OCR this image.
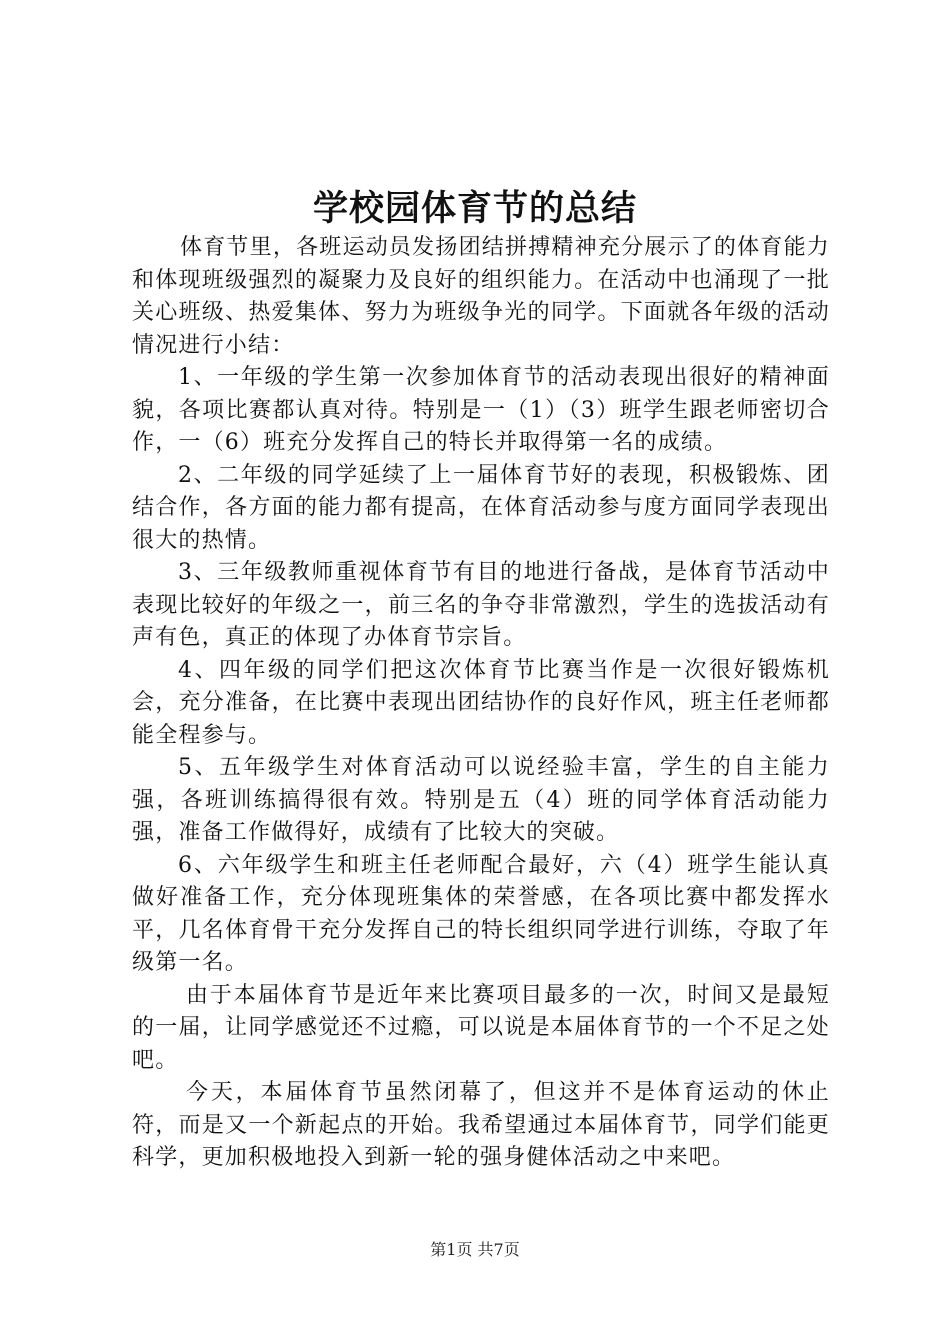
学校园体育节的总结

体育节里，各班运动员发扬团结拼搏精神充分展示了的体育能力和体现班级强烈的凝聚力及良好的组织能力。在活动中也涌现了一批关心班级、热爱集体、努力为班级争光的同学。下面就各年级的活动情况进行小结：

1、一年级的学生第一次参加体育节的活动表现出很好的精神面貌，各项比赛都认真对待。特别是一（1）（3）班学生跟老师密切合作，一（6）班充分发挥自己的特长并取得第一名的成绩。

2、二年级的同学延续了上一届体育节好的表现，积极锻炼、团结合作，各方面的能力都有提高，在体育活动参与度方面同学表现出很大的热情。

3、三年级教师重视体育节有目的地进行备战，是体育节活动中表现比较好的年级之一，前三名的争夺非常激烈，学生的选拔活动有声有色，真正的体现了办体育节宗旨。

4、四年级的同学们把这次体育节比赛当作是一次很好锻炼机会，充分准备，在比赛中表现出团结协作的良好作风，班主任老师都能全程参与。

5、五年级学生对体育活动可以说经验丰富，学生的自主能力强，各班训练搞得很有效。特别是五（4）班的同学体育活动能力强，准备工作做得好，成绩有了比较大的突破。

6、六年级学生和班主任老师配合最好，六（4）班学生能认真做好准备工作，充分体现班集体的荣誉感，在各项比赛中都发挥水平，几名体育骨干充分发挥自己的特长组织同学进行训练，夺取了年级第一名。

由于本届体育节是近年来比赛项目最多的一次，时间又是最短的一届，让同学感觉还不过瘾，可以说是本届体育节的一个不足之处吧。

今天，本届体育节虽然闭幕了，但这并不是体育运动的休止符，而是又一个新起点的开始。我希望通过本届体育节，同学们能更科学，更加积极地投入到新一轮的强身健体活动之中来吧。

第1页 共7页
